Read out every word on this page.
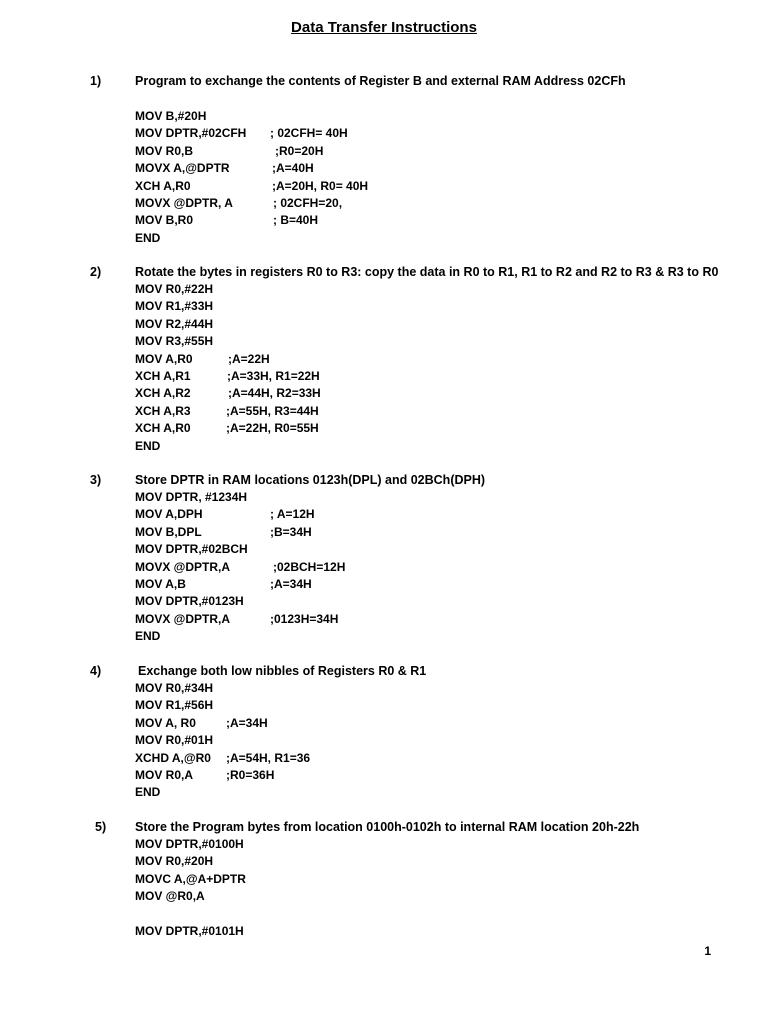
Data Transfer Instructions
1)	Program to exchange the contents of Register B and external RAM Address 02CFh
MOV B,#20H
MOV DPTR,#02CFH ; 02CFH= 40H
MOV R0,B	;R0=20H
MOVX A,@DPTR	;A=40H
XCH A,R0	;A=20H, R0= 40H
MOVX @DPTR, A	; 02CFH=20,
MOV B,R0	; B=40H
END
2)	Rotate the bytes in registers R0 to R3: copy the data in R0 to R1, R1 to R2 and R2 to R3 & R3 to R0
MOV R0,#22H
MOV R1,#33H
MOV R2,#44H
MOV R3,#55H
MOV A,R0	;A=22H
XCH A,R1	;A=33H, R1=22H
XCH A,R2	;A=44H, R2=33H
XCH A,R3	;A=55H, R3=44H
XCH A,R0	;A=22H, R0=55H
END
3)	Store DPTR in RAM locations 0123h(DPL) and 02BCh(DPH)
MOV DPTR, #1234H
MOV A,DPH	; A=12H
MOV B,DPL	;B=34H
MOV DPTR,#02BCH
MOVX @DPTR,A	;02BCH=12H
MOV A,B	;A=34H
MOV DPTR,#0123H
MOVX @DPTR,A	;0123H=34H
END
4)	Exchange both low nibbles of Registers R0 & R1
MOV R0,#34H
MOV R1,#56H
MOV A, R0	;A=34H
MOV R0,#01H
XCHD A,@R0 ;A=54H, R1=36
MOV R0,A	;R0=36H
END
5) Store the Program bytes from location 0100h-0102h to internal RAM location 20h-22h
MOV DPTR,#0100H
MOV R0,#20H
MOVC A,@A+DPTR
MOV @R0,A
MOV DPTR,#0101H
1
